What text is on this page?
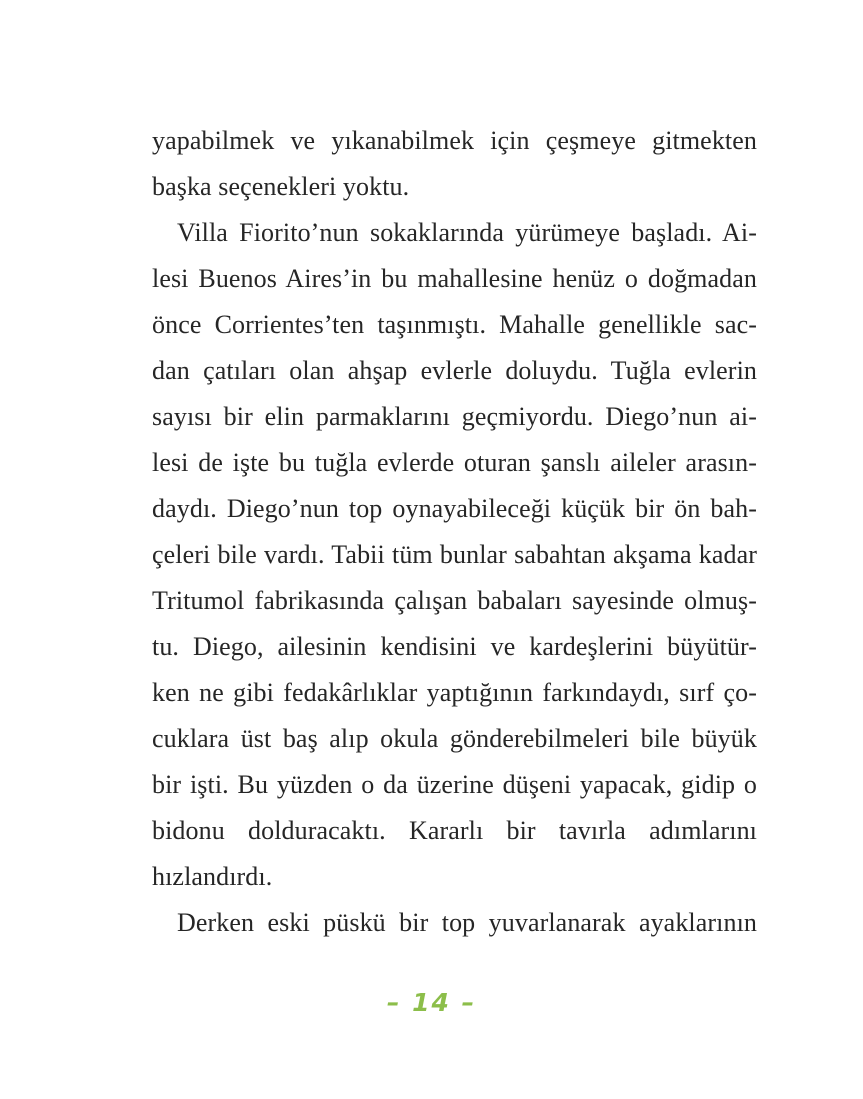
yapabilmek ve yıkanabilmek için çeşmeye gitmekten
başka seçenekleri yoktu.
Villa Fiorito’nun sokaklarında yürümeye başladı. Ai-
lesi Buenos Aires’in bu mahallesine henüz o doğmadan
önce Corrientes’ten taşınmıştı. Mahalle genellikle sac-
dan çatıları olan ahşap evlerle doluydu. Tuğla evlerin
sayısı bir elin parmaklarını geçmiyordu. Diego’nun ai-
lesi de işte bu tuğla evlerde oturan şanslı aileler arasın-
daydı. Diego’nun top oynayabileceği küçük bir ön bah-
çeleri bile vardı. Tabii tüm bunlar sabahtan akşama kadar
Tritumol fabrikasında çalışan babaları sayesinde olmuş-
tu. Diego, ailesinin kendisini ve kardeşlerini büyütür-
ken ne gibi fedakârlıklar yaptığının farkındaydı, sırf ço-
cuklara üst baş alıp okula gönderebilmeleri bile büyük
bir işti. Bu yüzden o da üzerine düşeni yapacak, gidip o
bidonu dolduracaktı. Kararlı bir tavırla adımlarını
hızlandırdı.
Derken eski püskü bir top yuvarlanarak ayaklarının
– 14 –
